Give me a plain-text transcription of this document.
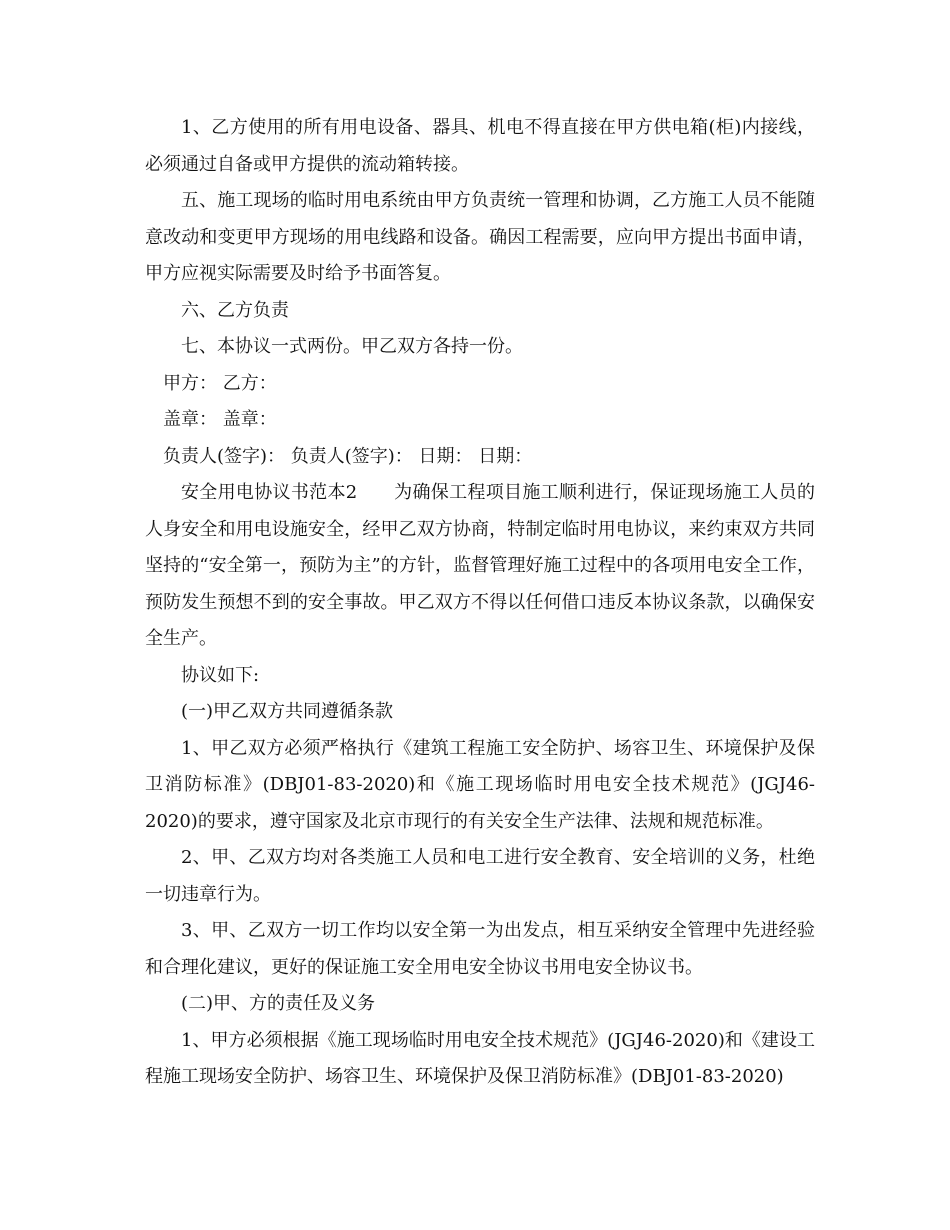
1、乙方使用的所有用电设备、器具、机电不得直接在甲方供电箱(柜)内接线，必须通过自备或甲方提供的流动箱转接。

五、施工现场的临时用电系统由甲方负责统一管理和协调，乙方施工人员不能随意改动和变更甲方现场的用电线路和设备。确因工程需要，应向甲方提出书面申请，甲方应视实际需要及时给予书面答复。

六、乙方负责

七、本协议一式两份。甲乙双方各持一份。

甲方： 乙方：

盖章： 盖章：

负责人(签字)： 负责人(签字)： 日期： 日期：

安全用电协议书范本2　　为确保工程项目施工顺利进行，保证现场施工人员的人身安全和用电设施安全，经甲乙双方协商，特制定临时用电协议，来约束双方共同坚持的“安全第一，预防为主”的方针，监督管理好施工过程中的各项用电安全工作，预防发生预想不到的安全事故。甲乙双方不得以任何借口违反本协议条款，以确保安全生产。

协议如下:

(一)甲乙双方共同遵循条款

1、甲乙双方必须严格执行《建筑工程施工安全防护、场容卫生、环境保护及保卫消防标准》(DBJ01-83-2020)和《施工现场临时用电安全技术规范》(JGJ46-2020)的要求，遵守国家及北京市现行的有关安全生产法律、法规和规范标准。

2、甲、乙双方均对各类施工人员和电工进行安全教育、安全培训的义务，杜绝一切违章行为。

3、甲、乙双方一切工作均以安全第一为出发点，相互采纳安全管理中先进经验和合理化建议，更好的保证施工安全用电安全协议书用电安全协议书。

(二)甲、方的责任及义务

1、甲方必须根据《施工现场临时用电安全技术规范》(JGJ46-2020)和《建设工程施工现场安全防护、场容卫生、环境保护及保卫消防标准》(DBJ01-83-2020)
